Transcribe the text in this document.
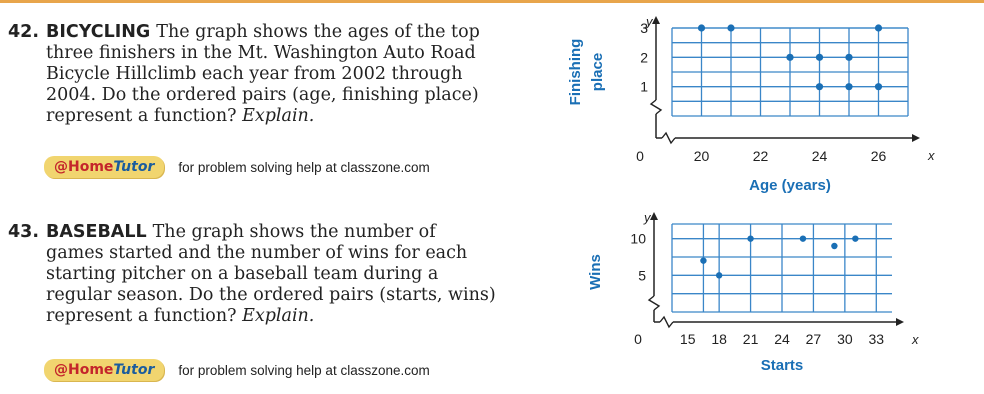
42. BICYCLING The graph shows the ages of the top
three finishers in the Mt. Washington Auto Road
Bicycle Hillclimb each year from 2002 through
2004. Do the ordered pairs (age, finishing place)
represent a function? Explain.

@HomeTutor	for problem solving help at classzone.com

43. BASEBALL The graph shows the number of
games started and the number of wins for each
starting pitcher on a baseball team during a
regular season. Do the ordered pairs (starts, wins)
represent a function? Explain.

@HomeTutor	for problem solving help at classzone.com
y
x
0	20	22	24	26
1
2
3
Age (years)
Finishing place
y
x
0	15 18 21 24 27 30 33
5
10
Starts
Wins
